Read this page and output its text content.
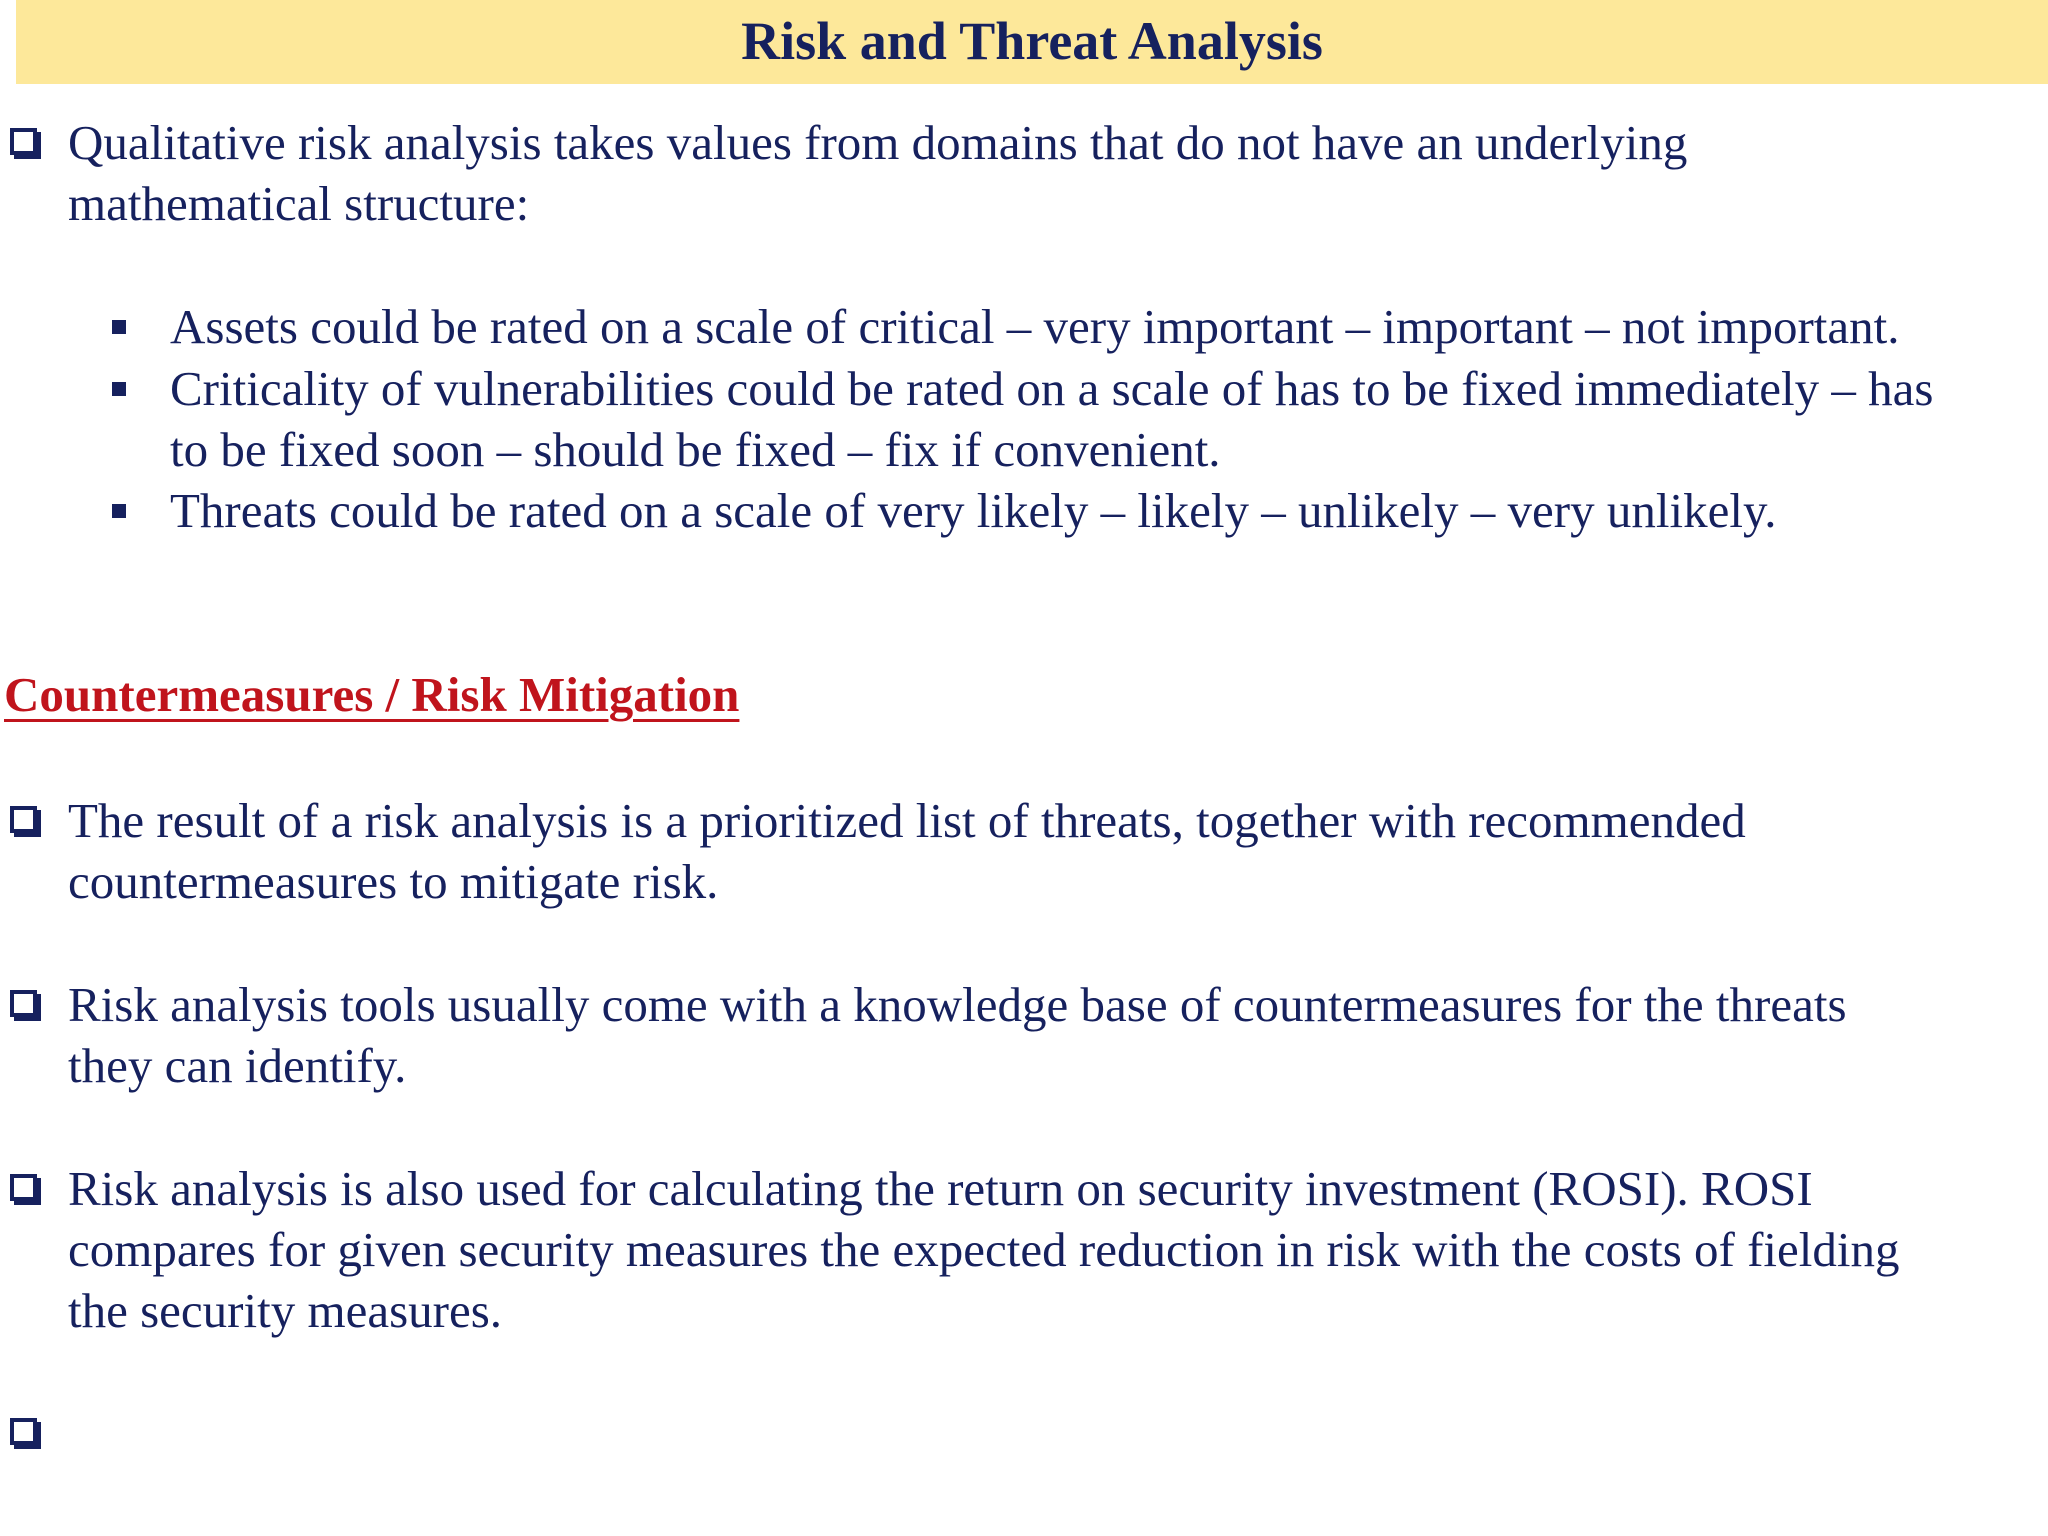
Risk and Threat Analysis
Qualitative risk analysis takes values from domains that do not have an underlying
mathematical structure:
Assets could be rated on a scale of critical – very important – important – not important.
Criticality of vulnerabilities could be rated on a scale of has to be fixed immediately – has
to be fixed soon – should be fixed – fix if convenient.
Threats could be rated on a scale of very likely – likely – unlikely – very unlikely.
Countermeasures / Risk Mitigation
The result of a risk analysis is a prioritized list of threats, together with recommended
countermeasures to mitigate risk.
Risk analysis tools usually come with a knowledge base of countermeasures for the threats
they can identify.
Risk analysis is also used for calculating the return on security investment (ROSI). ROSI
compares for given security measures the expected reduction in risk with the costs of fielding
the security measures.
